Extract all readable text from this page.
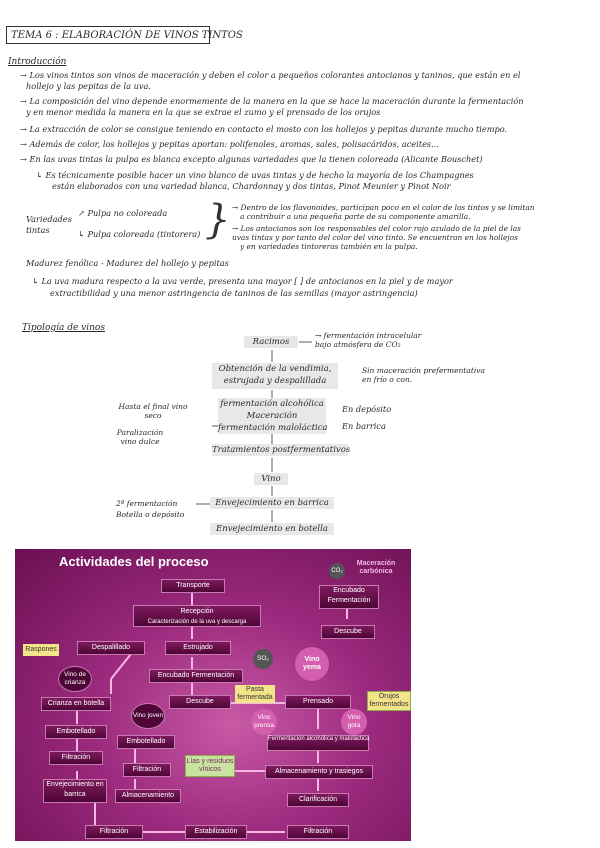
TEMA 6 : ELABORACIÓN DE VINOS TINTOS
Introducción
→ Los vinos tintos son vinos de maceración y deben el color a pequeños colorantes antocianos y taninos, que están en el
hollejo y las pepitas de la uva.
→ La composición del vino depende enormemente de la manera en la que se hace la maceración durante la fermentación
y en menor medida la manera en la que se extrae el zumo y el prensado de los orujos
→ La extracción de color se consigue teniendo en contacto el mosto con los hollejos y pepitas durante mucho tiempo.
→ Además de color, los hollejos y pepitas aportan: polifenoles, aromas, sales, polisacáridos, aceites...
→ En las uvas tintas la pulpa es blanca excepto algunas variedades que la tienen coloreada (Alicante Bouschet)
↳ Es técnicamente posible hacer un vino blanco de uvas tintas y de hecho la mayoría de los Champagnes
están elaborados con una variedad blanca, Chardonnay y dos tintas, Pinot Meunier y Pinot Noir
Variedades tintas
↗ Pulpa no coloreada
↳ Pulpa coloreada (tintorera) } → Dentro de los flavonoides, participan poco en el color de los tintos y se limitan
a contribuir a una pequeña parte de su componente amarilla.
→ Los antocianos son los responsables del color rojo azulado de la piel de las
uvas tintas y por tanto del color del vino tinto. Se encuentran en los hollejos
y en variedades tintoreras también en la pulpa.
Madurez fenólica - Madurez del hollejo y pepitas
↳ La uva madura respecto a la uva verde, presenta una mayor [ ] de antocianos en la piel y de mayor
extractibilidad y una menor astringencia de taninos de las semillas (mayor astringencia)
Tipología de vinos
Racimos
→ fermentación intracelular bajo atmósfera de CO₂
Obtención de la vendimia, estrujada y despalillada
Sin maceración prefermentativa en frío o con.
fermentación alcohólica
Maceración
fermentación maloláctica
En depósito
En barrica
Hasta el final vino seco
Paralización vino dulce
Tratamientos postfermentativos
Vino
Envejecimiento en barrica
2ª fermentación Botella o depósito
Envejecimiento en botella
Actividades del proceso
Transporte
Recepción
Caracterización de la uva y descarga
Raspones	Despalillado	Estrujado
SO₂
Encubado Fermentación
Descube
Pasta fermentada
Vino yema
Prensado
Orujos fermentados
Vino prensa
Vino gota
Fermentación alcohólica y maloláctica
Almacenamiento y trasiegos
Clarificación
Filtración
Estabilización
Filtración
Lías y residuos vínicos
Vino de crianza
Crianza en botella
Embotellado
Filtración
Envejecimiento en barrica
Vino joven
Embotellado
Filtración
Almacenamiento
CO₂
Maceración carbónica
Encubado Fermentación
Descube
